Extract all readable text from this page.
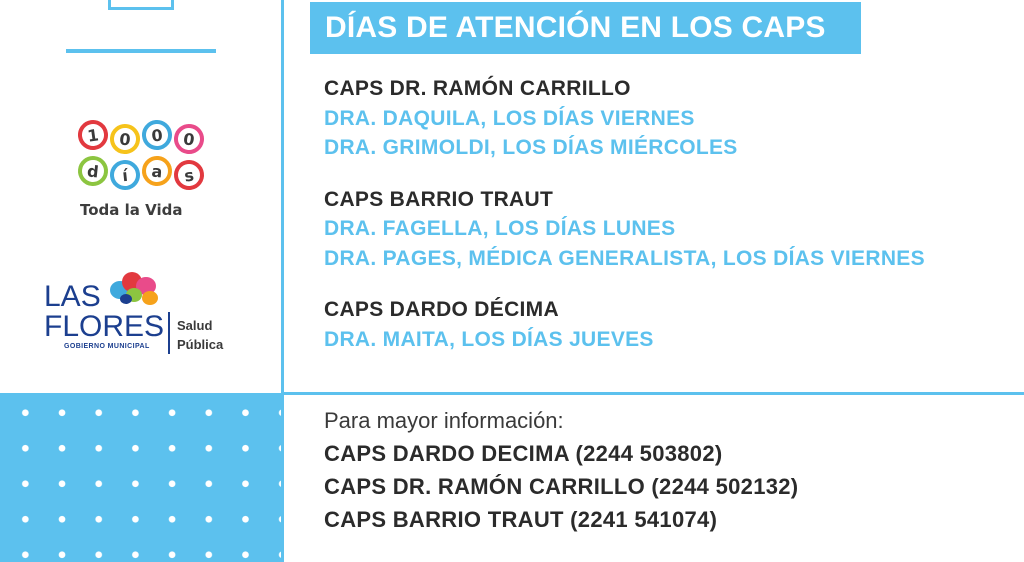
1	0	0	0
d	í	a	s
Toda la Vida
LAS
FLORES
GOBIERNO MUNICIPAL
Salud
Pública
DÍAS DE ATENCIÓN EN LOS CAPS
CAPS DR. RAMÓN CARRILLO
DRA. DAQUILA, LOS DÍAS VIERNES
DRA. GRIMOLDI, LOS DÍAS MIÉRCOLES
CAPS BARRIO TRAUT
DRA. FAGELLA, LOS DÍAS LUNES
DRA. PAGES, MÉDICA GENERALISTA, LOS DÍAS VIERNES
CAPS DARDO DÉCIMA
DRA. MAITA, LOS DÍAS JUEVES
Para mayor información:
CAPS DARDO DECIMA (2244 503802)
CAPS DR. RAMÓN CARRILLO (2244 502132)
CAPS BARRIO TRAUT (2241 541074)
